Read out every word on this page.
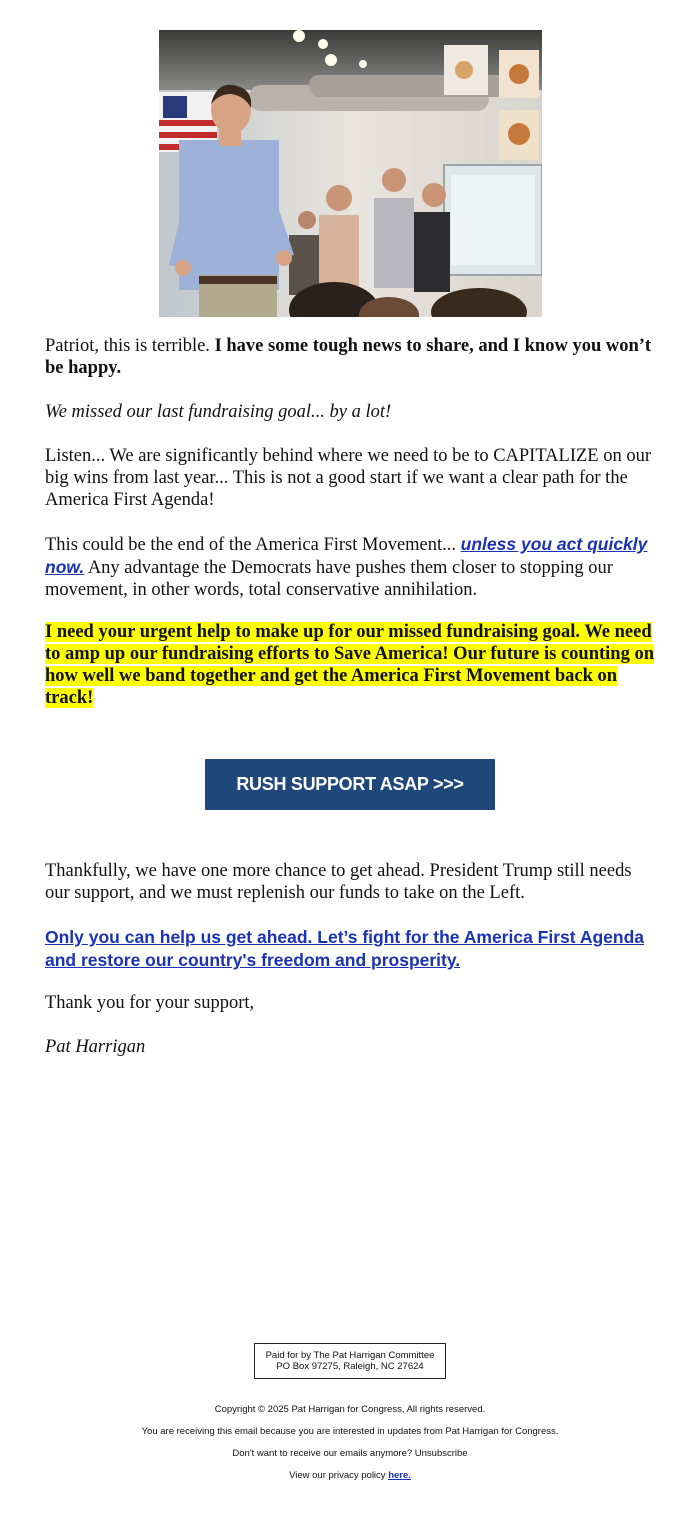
Patriot, this is terrible. I have some tough news to share, and I know you won’t be happy.
We missed our last fundraising goal... by a lot!
Listen... We are significantly behind where we need to be to CAPITALIZE on our big wins from last year... This is not a good start if we want a clear path for the America First Agenda!
This could be the end of the America First Movement... unless you act quickly now. Any advantage the Democrats have pushes them closer to stopping our movement, in other words, total conservative annihilation.
I need your urgent help to make up for our missed fundraising goal. We need to amp up our fundraising efforts to Save America! Our future is counting on how well we band together and get the America First Movement back on track!
RUSH SUPPORT ASAP >>>
Thankfully, we have one more chance to get ahead. President Trump still needs our support, and we must replenish our funds to take on the Left.
Only you can help us get ahead. Let’s fight for the America First Agenda and restore our country's freedom and prosperity.
Thank you for your support,
Pat Harrigan
Paid for by The Pat Harrigan Committee
PO Box 97275, Raleigh, NC 27624
Copyright © 2025 Pat Harrigan for Congress, All rights reserved.
You are receiving this email because you are interested in updates from Pat Harrigan for Congress.
Don't want to receive our emails anymore? Unsubscribe
View our privacy policy here.
